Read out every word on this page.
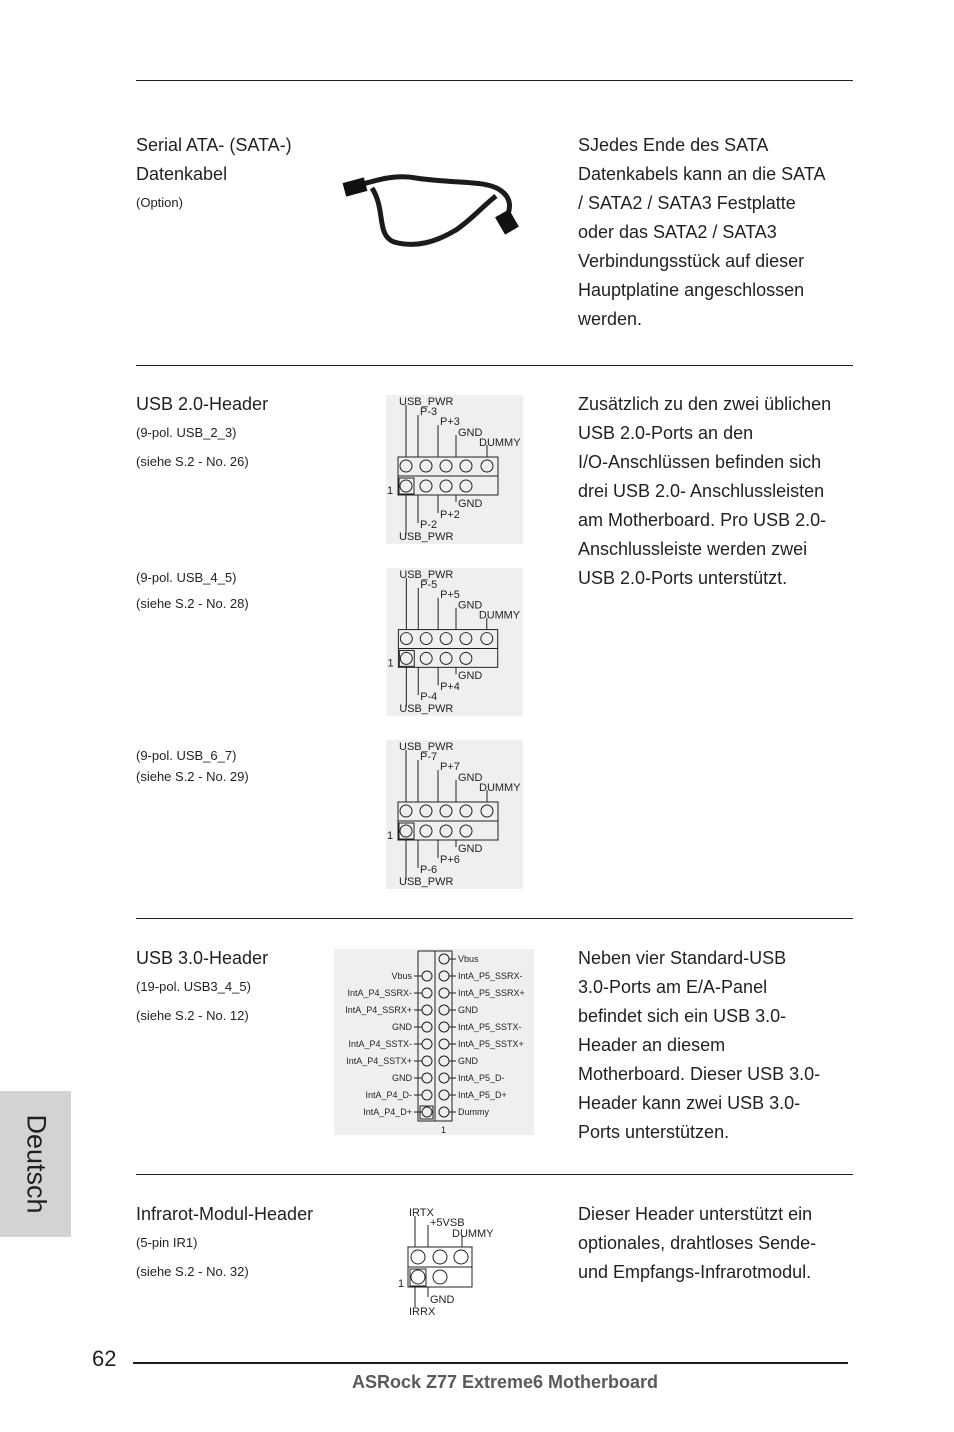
Serial ATA- (SATA-)
Datenkabel
(Option)
SJedes Ende des SATA
Datenkabels kann an die SATA
/ SATA2 / SATA3 Festplatte
oder das SATA2 / SATA3
Verbindungsstück auf dieser
Hauptplatine angeschlossen
werden.
USB 2.0-Header
(9-pol. USB_2_3)
(siehe S.2 - No. 26)
(9-pol. USB_4_5)
(siehe S.2 - No. 28)
(9-pol. USB_6_7)
(siehe S.2 - No. 29)
Zusätzlich zu den zwei üblichen
USB 2.0-Ports an den
I/O-Anschlüssen befinden sich
drei USB 2.0- Anschlussleisten
am Motherboard. Pro USB 2.0-
Anschlussleiste werden zwei
USB 2.0-Ports unterstützt.
USB_PWR
P-3
P+3
GND
DUMMY
1
GND
P+2
P-2
USB_PWR
USB_PWR
P-5
P+5
GND
DUMMY
1
GND
P+4
P-4
USB_PWR
USB_PWR
P-7
P+7
GND
DUMMY
1
GND
P+6
P-6
USB_PWR
USB 3.0-Header
(19-pol. USB3_4_5)
(siehe S.2 - No. 12)
Neben vier Standard-USB
3.0-Ports am E/A-Panel
befindet sich ein USB 3.0-
Header an diesem
Motherboard. Dieser USB 3.0-
Header kann zwei USB 3.0-
Ports unterstützen.
Vbus
IntA_P4_SSRX-
IntA_P4_SSRX+
GND
IntA_P4_SSTX-
IntA_P4_SSTX+
GND
IntA_P4_D-
IntA_P4_D+
Vbus
IntA_P5_SSRX-
IntA_P5_SSRX+
GND
IntA_P5_SSTX-
IntA_P5_SSTX+
GND
IntA_P5_D-
IntA_P5_D+
Dummy
1
Infrarot-Modul-Header
(5-pin IR1)
(siehe S.2 - No. 32)
Dieser Header unterstützt ein
optionales, drahtloses Sende-
und Empfangs-Infrarotmodul.
IRTX
+5VSB
DUMMY
1
GND
IRRX
Deutsch
62
ASRock Z77 Extreme6 Motherboard
